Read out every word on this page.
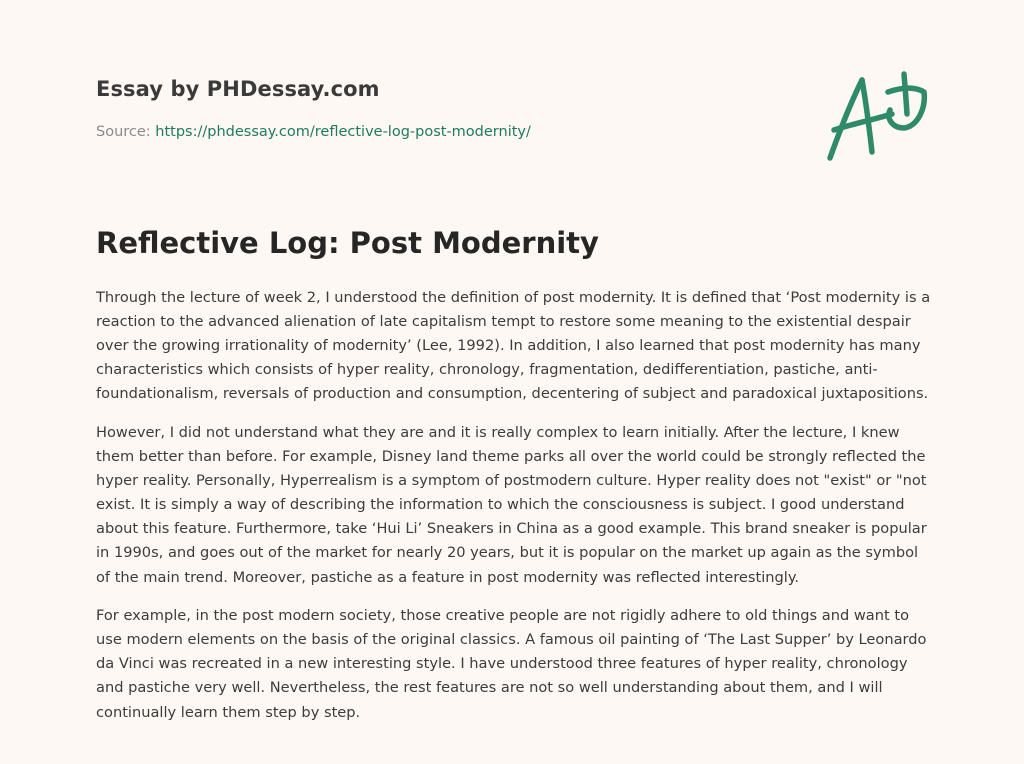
Essay by PHDessay.com
Source: https://phdessay.com/reflective-log-post-modernity/
Reflective Log: Post Modernity

Through the lecture of week 2, I understood the definition of post modernity. It is defined that ‘Post modernity is a reaction to the advanced alienation of late capitalism tempt to restore some meaning to the existential despair over the growing irrationality of modernity’ (Lee, 1992). In addition, I also learned that post modernity has many characteristics which consists of hyper reality, chronology, fragmentation, dedifferentiation, pastiche, anti-foundationalism, reversals of production and consumption, decentering of subject and paradoxical juxtapositions.

However, I did not understand what they are and it is really complex to learn initially. After the lecture, I knew them better than before. For example, Disney land theme parks all over the world could be strongly reflected the hyper reality. Personally, Hyperrealism is a symptom of postmodern culture. Hyper reality does not "exist" or "not exist. It is simply a way of describing the information to which the consciousness is subject. I good understand about this feature. Furthermore, take ‘Hui Li’ Sneakers in China as a good example. This brand sneaker is popular in 1990s, and goes out of the market for nearly 20 years, but it is popular on the market up again as the symbol of the main trend. Moreover, pastiche as a feature in post modernity was reflected interestingly.

For example, in the post modern society, those creative people are not rigidly adhere to old things and want to use modern elements on the basis of the original classics. A famous oil painting of ‘The Last Supper’ by Leonardo da Vinci was recreated in a new interesting style. I have understood three features of hyper reality, chronology and pastiche very well. Nevertheless, the rest features are not so well understanding about them, and I will continually learn them step by step.
